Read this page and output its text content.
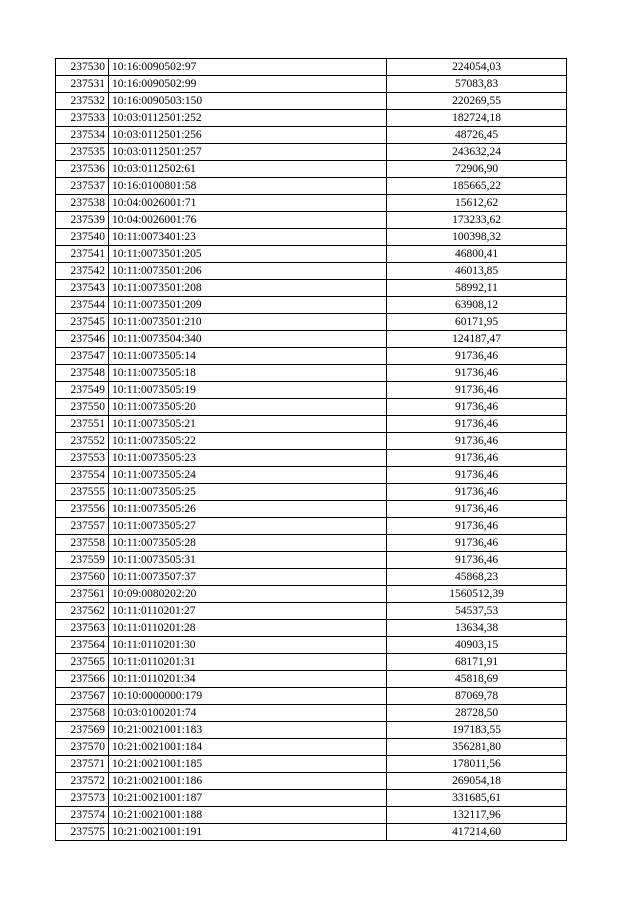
237530	10:16:0090502:97	224054,03
237531	10:16:0090502:99	57083,83
237532	10:16:0090503:150	220269,55
237533	10:03:0112501:252	182724,18
237534	10:03:0112501:256	48726,45
237535	10:03:0112501:257	243632,24
237536	10:03:0112502:61	72906,90
237537	10:16:0100801:58	185665,22
237538	10:04:0026001:71	15612,62
237539	10:04:0026001:76	173233,62
237540	10:11:0073401:23	100398,32
237541	10:11:0073501:205	46800,41
237542	10:11:0073501:206	46013,85
237543	10:11:0073501:208	58992,11
237544	10:11:0073501:209	63908,12
237545	10:11:0073501:210	60171,95
237546	10:11:0073504:340	124187,47
237547	10:11:0073505:14	91736,46
237548	10:11:0073505:18	91736,46
237549	10:11:0073505:19	91736,46
237550	10:11:0073505:20	91736,46
237551	10:11:0073505:21	91736,46
237552	10:11:0073505:22	91736,46
237553	10:11:0073505:23	91736,46
237554	10:11:0073505:24	91736,46
237555	10:11:0073505:25	91736,46
237556	10:11:0073505:26	91736,46
237557	10:11:0073505:27	91736,46
237558	10:11:0073505:28	91736,46
237559	10:11:0073505:31	91736,46
237560	10:11:0073507:37	45868,23
237561	10:09:0080202:20	1560512,39
237562	10:11:0110201:27	54537,53
237563	10:11:0110201:28	13634,38
237564	10:11:0110201:30	40903,15
237565	10:11:0110201:31	68171,91
237566	10:11:0110201:34	45818,69
237567	10:10:0000000:179	87069,78
237568	10:03:0100201:74	28728,50
237569	10:21:0021001:183	197183,55
237570	10:21:0021001:184	356281,80
237571	10:21:0021001:185	178011,56
237572	10:21:0021001:186	269054,18
237573	10:21:0021001:187	331685,61
237574	10:21:0021001:188	132117,96
237575	10:21:0021001:191	417214,60
